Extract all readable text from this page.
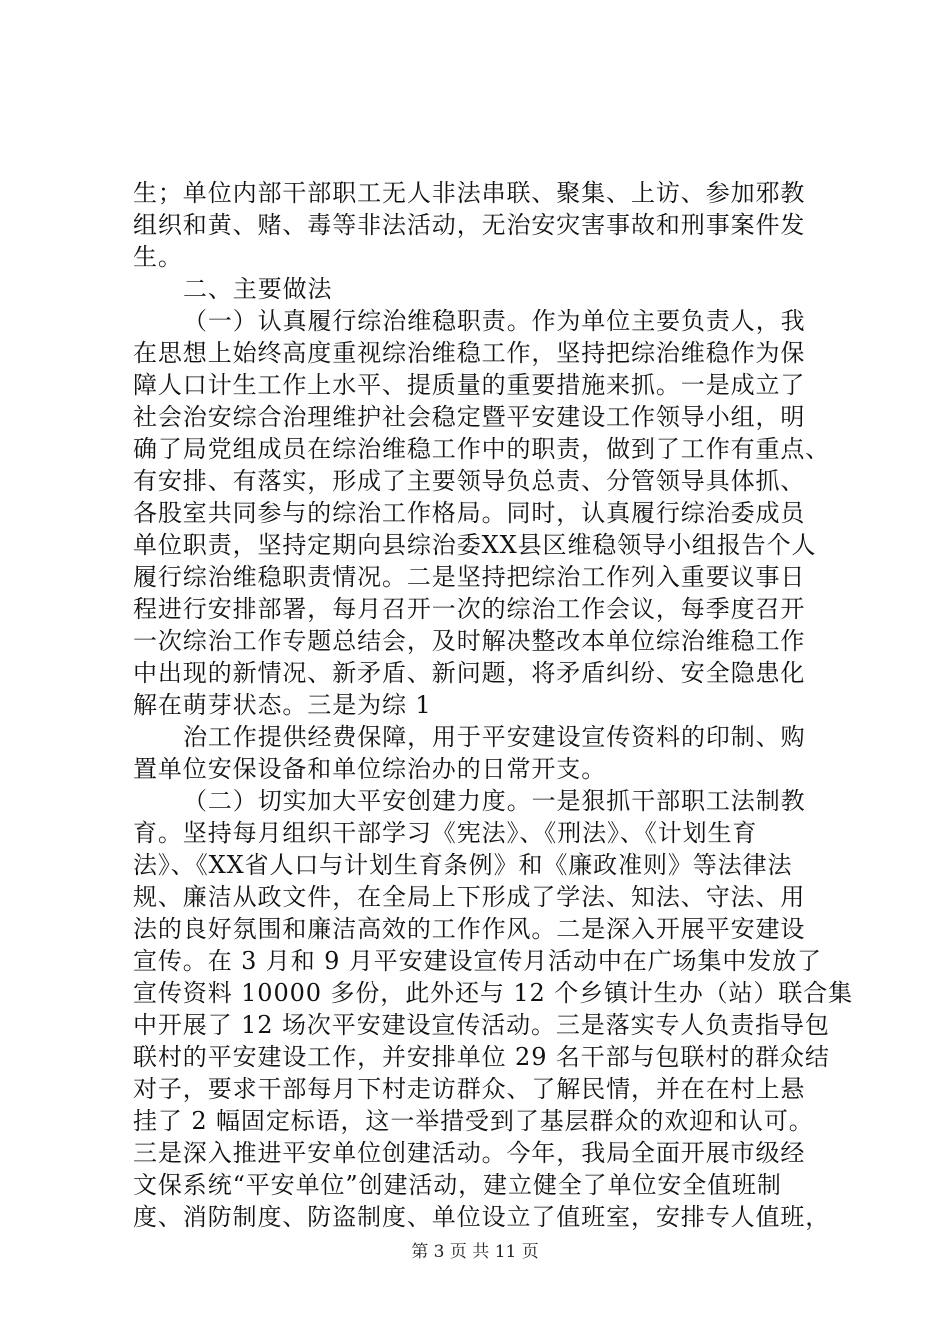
生；单位内部干部职工无人非法串联、聚集、上访、参加邪教
组织和黄、赌、毒等非法活动，无治安灾害事故和刑事案件发
生。
二、主要做法
（一）认真履行综治维稳职责。作为单位主要负责人，我
在思想上始终高度重视综治维稳工作，坚持把综治维稳作为保
障人口计生工作上水平、提质量的重要措施来抓。一是成立了
社会治安综合治理维护社会稳定暨平安建设工作领导小组，明
确了局党组成员在综治维稳工作中的职责，做到了工作有重点、
有安排、有落实，形成了主要领导负总责、分管领导具体抓、
各股室共同参与的综治工作格局。同时，认真履行综治委成员
单位职责，坚持定期向县综治委XX县区维稳领导小组报告个人
履行综治维稳职责情况。二是坚持把综治工作列入重要议事日
程进行安排部署，每月召开一次的综治工作会议，每季度召开
一次综治工作专题总结会，及时解决整改本单位综治维稳工作
中出现的新情况、新矛盾、新问题，将矛盾纠纷、安全隐患化
解在萌芽状态。三是为综 1
治工作提供经费保障，用于平安建设宣传资料的印制、购
置单位安保设备和单位综治办的日常开支。
（二）切实加大平安创建力度。一是狠抓干部职工法制教
育。坚持每月组织干部学习《宪法》、《刑法》、《计划生育
法》、《XX省人口与计划生育条例》和《廉政准则》等法律法
规、廉洁从政文件，在全局上下形成了学法、知法、守法、用
法的良好氛围和廉洁高效的工作作风。二是深入开展平安建设
宣传。在 3 月和 9 月平安建设宣传月活动中在广场集中发放了
宣传资料 10000 多份，此外还与 12 个乡镇计生办（站）联合集
中开展了 12 场次平安建设宣传活动。三是落实专人负责指导包
联村的平安建设工作，并安排单位 29 名干部与包联村的群众结
对子，要求干部每月下村走访群众、了解民情，并在在村上悬
挂了 2 幅固定标语，这一举措受到了基层群众的欢迎和认可。
三是深入推进平安单位创建活动。今年，我局全面开展市级经
文保系统“平安单位”创建活动，建立健全了单位安全值班制
度、消防制度、防盗制度、单位设立了值班室，安排专人值班，
第 3 页 共 11 页
